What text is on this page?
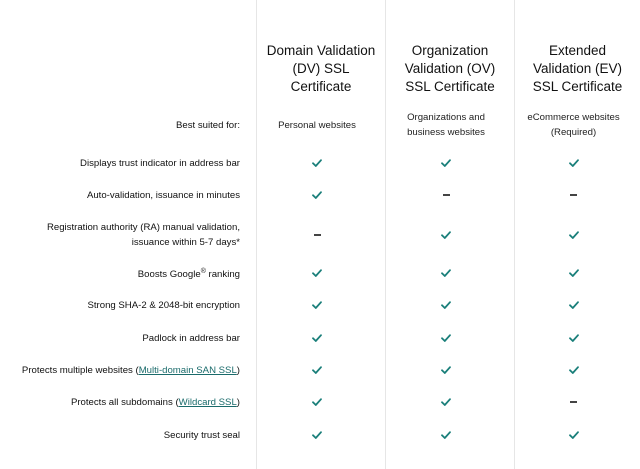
Domain Validation
(DV) SSL
Certificate
Organization
Validation (OV)
SSL Certificate
Extended
Validation (EV)
SSL Certificate
Best suited for:	Personal websites
Organizations and
business websites
eCommerce websites
(Required)
Displays trust indicator in address bar
Auto-validation, issuance in minutes
Registration authority (RA) manual validation,
issuance within 5-7 days*
Boosts Google® ranking
Strong SHA-2 & 2048-bit encryption
Padlock in address bar
Protects multiple websites (Multi-domain SAN SSL)
Protects all subdomains (Wildcard SSL)
Security trust seal
